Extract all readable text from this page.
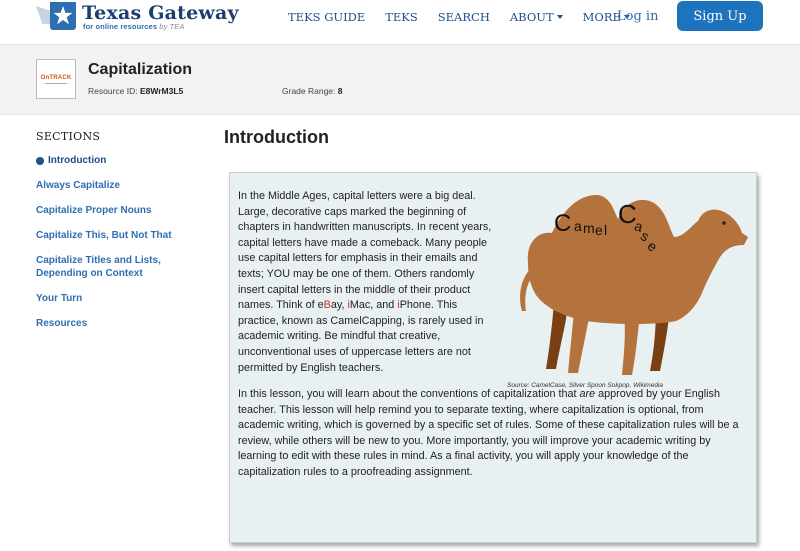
Texas Gateway
for online resources by TEA
TEKS GUIDE TEKS SEARCH ABOUT	MORE
Log in	Sign Up
OnTRACK Capitalization
Resource ID: E8WrM3L5	Grade Range: 8
SECTIONS
Introduction
Always Capitalize
Capitalize Proper Nouns
Capitalize This, But Not That
Capitalize Titles and Lists, Depending on Context
Your Turn
Resources
Introduction
In the Middle Ages, capital letters were a big deal. Large, decorative caps marked the beginning of chapters in handwritten manuscripts. In recent years, capital letters have made a comeback. Many people use capital letters for emphasis in their emails and texts; YOU may be one of them. Others randomly insert capital letters in the middle of their product names. Think of eBay, iMac, and iPhone. This practice, known as CamelCapping, is rarely used in academic writing. Be mindful that creative, unconventional uses of uppercase letters are not permitted by English teachers.
C a m e l
C
a
s
e
Source: CamelCase, Silver Spoon Sokpop, Wikimedia
In this lesson, you will learn about the conventions of capitalization that are approved by your English teacher. This lesson will help remind you to separate texting, where capitalization is optional, from academic writing, which is governed by a specific set of rules. Some of these capitalization rules will be a review, while others will be new to you. More importantly, you will improve your academic writing by learning to edit with these rules in mind. As a final activity, you will apply your knowledge of the capitalization rules to a proofreading assignment.
